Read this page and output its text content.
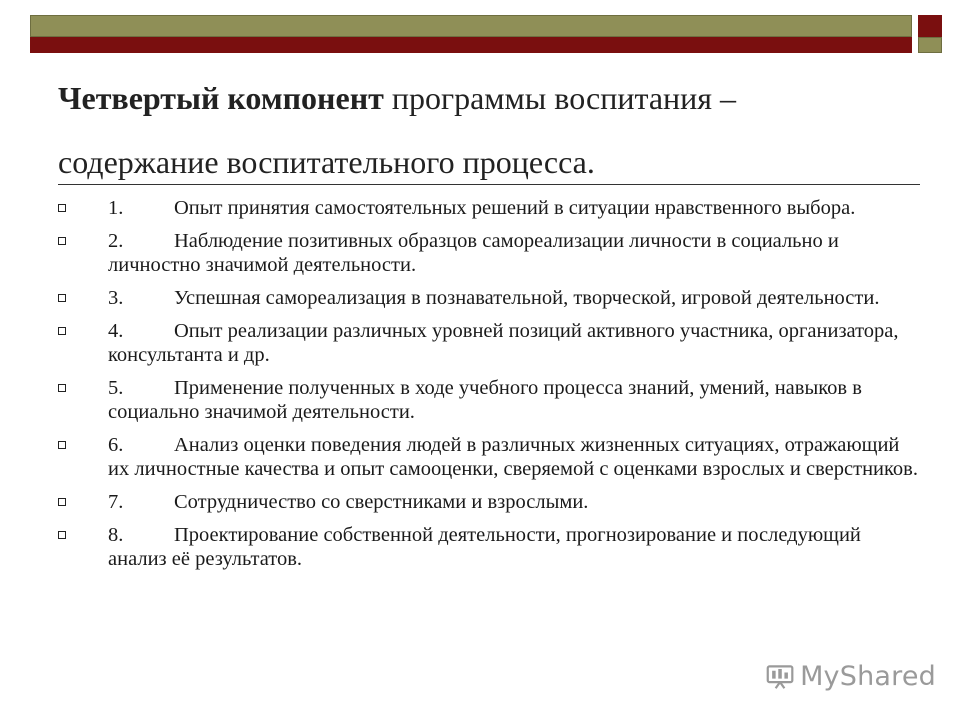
Четвертый компонент программы воспитания –
содержание воспитательного процесса.
1. Опыт принятия самостоятельных решений в ситуации нравственного выбора.
2. Наблюдение позитивных образцов самореализации личности в социально и личностно значимой деятельности.
3. Успешная самореализация в познавательной, творческой, игровой деятельности.
4. Опыт реализации различных уровней позиций активного участника, организатора, консультанта и др.
5. Применение полученных в ходе учебного процесса знаний, умений, навыков в социально значимой деятельности.
6. Анализ оценки поведения людей в различных жизненных ситуациях, отражающий их личностные качества и опыт самооценки, сверяемой с оценками взрослых и сверстников.
7. Сотрудничество со сверстниками и взрослыми.
8. Проектирование собственной деятельности, прогнозирование и последующий анализ её результатов.
MyShared
